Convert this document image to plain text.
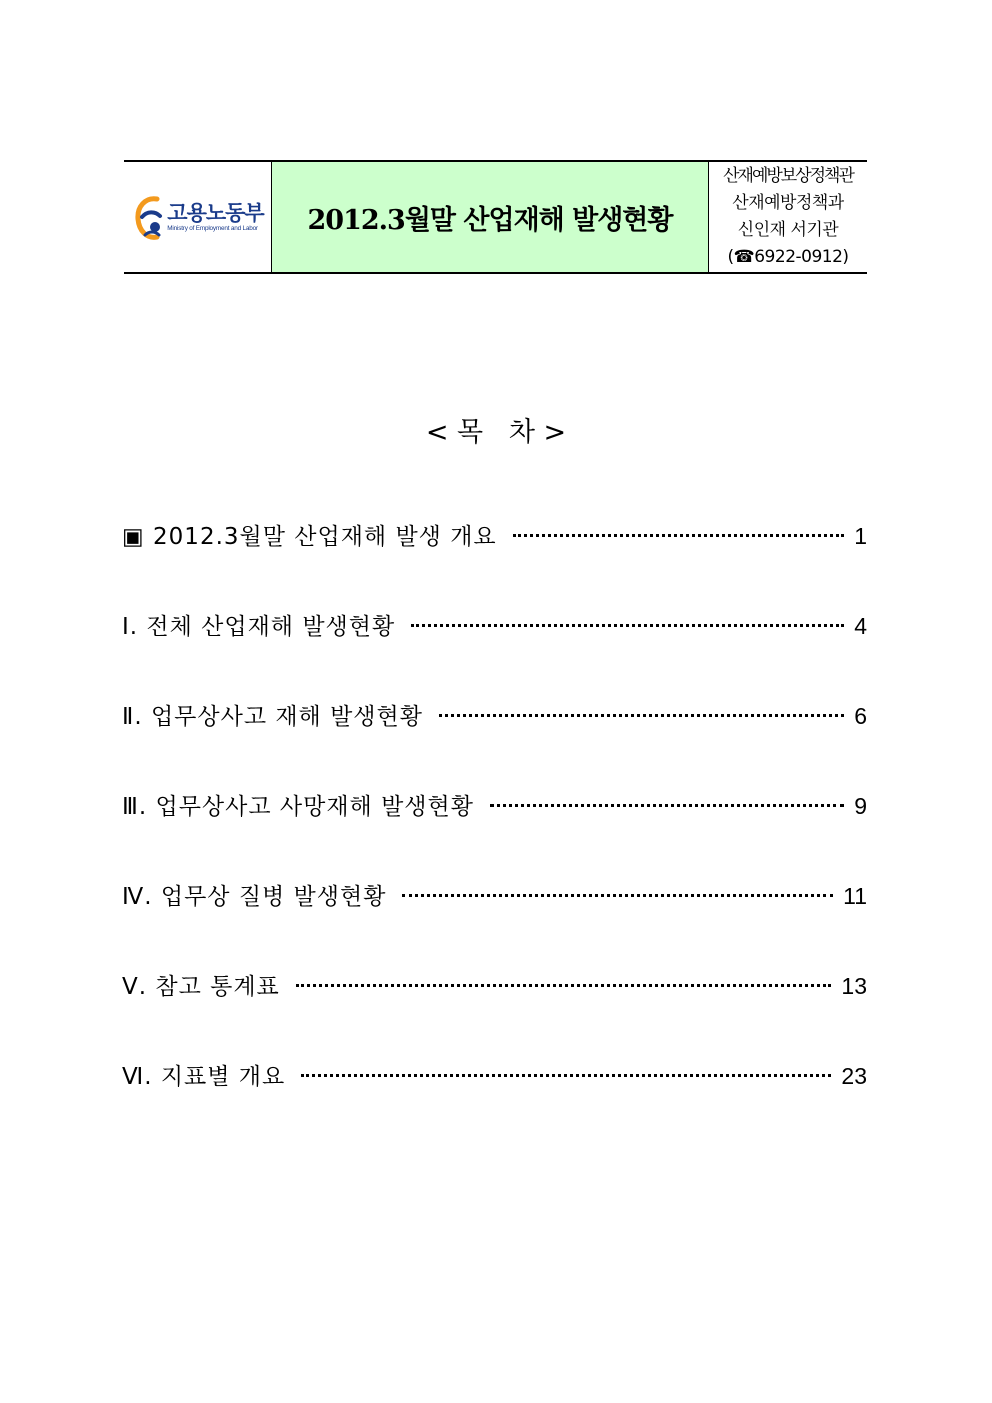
고용노동부
Ministry of Employment and Labor 2012.3월말 산업재해 발생현황
산재예방보상정책관
산재예방정책과
신인재 서기관
(☎6922-0912)
< 목   차 >
▣ 2012.3월말 산업재해 발생 개요	1
Ⅰ. 전체 산업재해 발생현황	4
Ⅱ. 업무상사고 재해 발생현황	6
Ⅲ. 업무상사고 사망재해 발생현황	9
Ⅳ. 업무상 질병 발생현황	11
Ⅴ. 참고 통계표	13
Ⅵ. 지표별 개요	23
